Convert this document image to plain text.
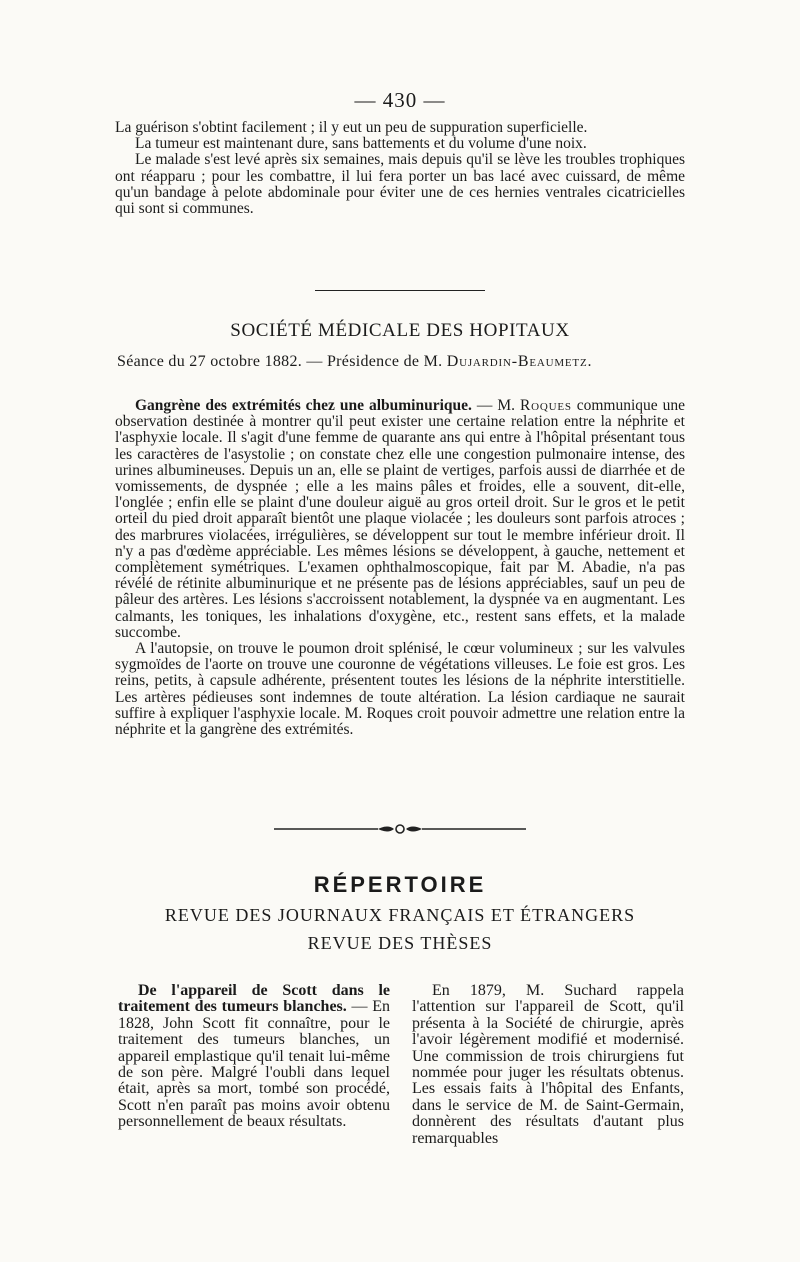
— 430 —

La guérison s'obtint facilement ; il y eut un peu de suppuration superficielle.

La tumeur est maintenant dure, sans battements et du volume d'une noix.

Le malade s'est levé après six semaines, mais depuis qu'il se lève les troubles trophiques ont réapparu ; pour les combattre, il lui fera porter un bas lacé avec cuissard, de même qu'un bandage à pelote abdominale pour éviter une de ces hernies ventrales cicatricielles qui sont si communes.

SOCIÉTÉ MÉDICALE DES HOPITAUX
Séance du 27 octobre 1882. — Présidence de M. Dujardin-Beaumetz.

Gangrène des extrémités chez une albuminurique. — M. Roques communique une observation destinée à montrer qu'il peut exister une certaine relation entre la néphrite et l'asphyxie locale. Il s'agit d'une femme de quarante ans qui entre à l'hôpital présentant tous les caractères de l'asystolie ; on constate chez elle une congestion pulmonaire intense, des urines albumineuses. Depuis un an, elle se plaint de vertiges, parfois aussi de diarrhée et de vomissements, de dyspnée ; elle a les mains pâles et froides, elle a souvent, dit-elle, l'onglée ; enfin elle se plaint d'une douleur aiguë au gros orteil droit. Sur le gros et le petit orteil du pied droit apparaît bientôt une plaque violacée ; les douleurs sont parfois atroces ; des marbrures violacées, irrégulières, se développent sur tout le membre inférieur droit. Il n'y a pas d'œdème appréciable. Les mêmes lésions se développent, à gauche, nettement et complètement symétriques. L'examen ophthalmoscopique, fait par M. Abadie, n'a pas révélé de rétinite albuminurique et ne présente pas de lésions appréciables, sauf un peu de pâleur des artères. Les lésions s'accroissent notablement, la dyspnée va en augmentant. Les calmants, les toniques, les inhalations d'oxygène, etc., restent sans effets, et la malade succombe.

A l'autopsie, on trouve le poumon droit splénisé, le cœur volumineux ; sur les valvules sygmoïdes de l'aorte on trouve une couronne de végétations villeuses. Le foie est gros. Les reins, petits, à capsule adhérente, présentent toutes les lésions de la néphrite interstitielle. Les artères pédieuses sont indemnes de toute altération. La lésion cardiaque ne saurait suffire à expliquer l'asphyxie locale. M. Roques croit pouvoir admettre une relation entre la néphrite et la gangrène des extrémités.

RÉPERTOIRE
REVUE DES JOURNAUX FRANÇAIS ET ÉTRANGERS
REVUE DES THÈSES

De l'appareil de Scott dans le traitement des tumeurs blanches. — En 1828, John Scott fit connaître, pour le traitement des tumeurs blanches, un appareil emplastique qu'il tenait lui-même de son père. Malgré l'oubli dans lequel était, après sa mort, tombé son procédé, Scott n'en paraît pas moins avoir obtenu personnellement de beaux résultats.

En 1879, M. Suchard rappela l'attention sur l'appareil de Scott, qu'il présenta à la Société de chirurgie, après l'avoir légèrement modifié et modernisé. Une commission de trois chirurgiens fut nommée pour juger les résultats obtenus. Les essais faits à l'hôpital des Enfants, dans le service de M. de Saint-Germain, donnèrent des résultats d'autant plus remarquables
